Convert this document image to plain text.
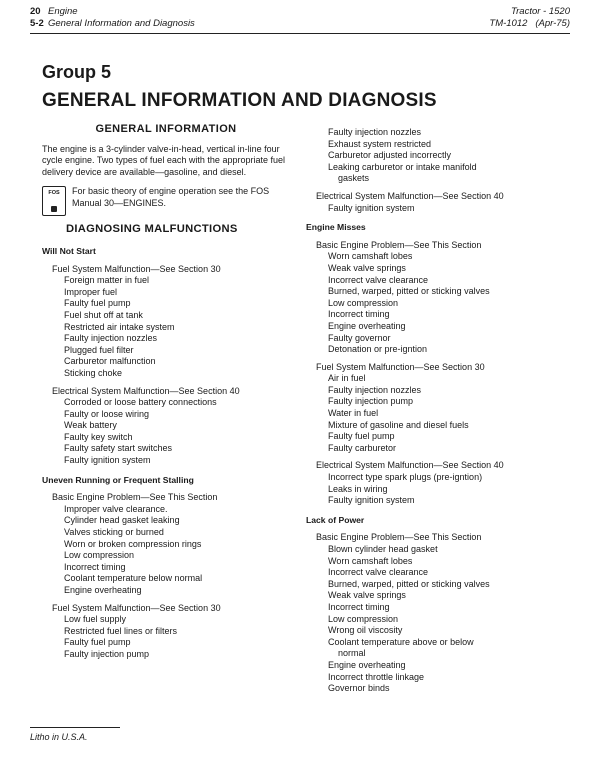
20 Engine
5-2 General Information and Diagnosis
Tractor - 1520
TM-1012 (Apr-75)
Group 5
GENERAL INFORMATION AND DIAGNOSIS
GENERAL INFORMATION
The engine is a 3-cylinder valve-in-head, vertical in-line four cycle engine. Two types of fuel each with the appropriate fuel delivery device are available—gasoline, and diesel.
FOS	For basic theory of engine operation see the FOS Manual 30—ENGINES.
DIAGNOSING MALFUNCTIONS
Will Not Start
Fuel System Malfunction—See Section 30
Foreign matter in fuel
Improper fuel
Faulty fuel pump
Fuel shut off at tank
Restricted air intake system
Faulty injection nozzles
Plugged fuel filter
Carburetor malfunction
Sticking choke
Electrical System Malfunction—See Section 40
Corroded or loose battery connections
Faulty or loose wiring
Weak battery
Faulty key switch
Faulty safety start switches
Faulty ignition system
Uneven Running or Frequent Stalling
Basic Engine Problem—See This Section
Improper valve clearance.
Cylinder head gasket leaking
Valves sticking or burned
Worn or broken compression rings
Low compression
Incorrect timing
Coolant temperature below normal
Engine overheating
Fuel System Malfunction—See Section 30
Low fuel supply
Restricted fuel lines or filters
Faulty fuel pump
Faulty injection pump
Faulty injection nozzles
Exhaust system restricted
Carburetor adjusted incorrectly
Leaking carburetor or intake manifold
gaskets
Electrical System Malfunction—See Section 40
Faulty ignition system
Engine Misses
Basic Engine Problem—See This Section
Worn camshaft lobes
Weak valve springs
Incorrect valve clearance
Burned, warped, pitted or sticking valves
Low compression
Incorrect timing
Engine overheating
Faulty governor
Detonation or pre-igntion
Fuel System Malfunction—See Section 30
Air in fuel
Faulty injection nozzles
Faulty injection pump
Water in fuel
Mixture of gasoline and diesel fuels
Faulty fuel pump
Faulty carburetor
Electrical System Malfunction—See Section 40
Incorrect type spark plugs (pre-igntion)
Leaks in wiring
Faulty ignition system
Lack of Power
Basic Engine Problem—See This Section
Blown cylinder head gasket
Worn camshaft lobes
Incorrect valve clearance
Burned, warped, pitted or sticking valves
Weak valve springs
Incorrect timing
Low compression
Wrong oil viscosity
Coolant temperature above or below
normal
Engine overheating
Incorrect throttle linkage
Governor binds
Litho in U.S.A.
